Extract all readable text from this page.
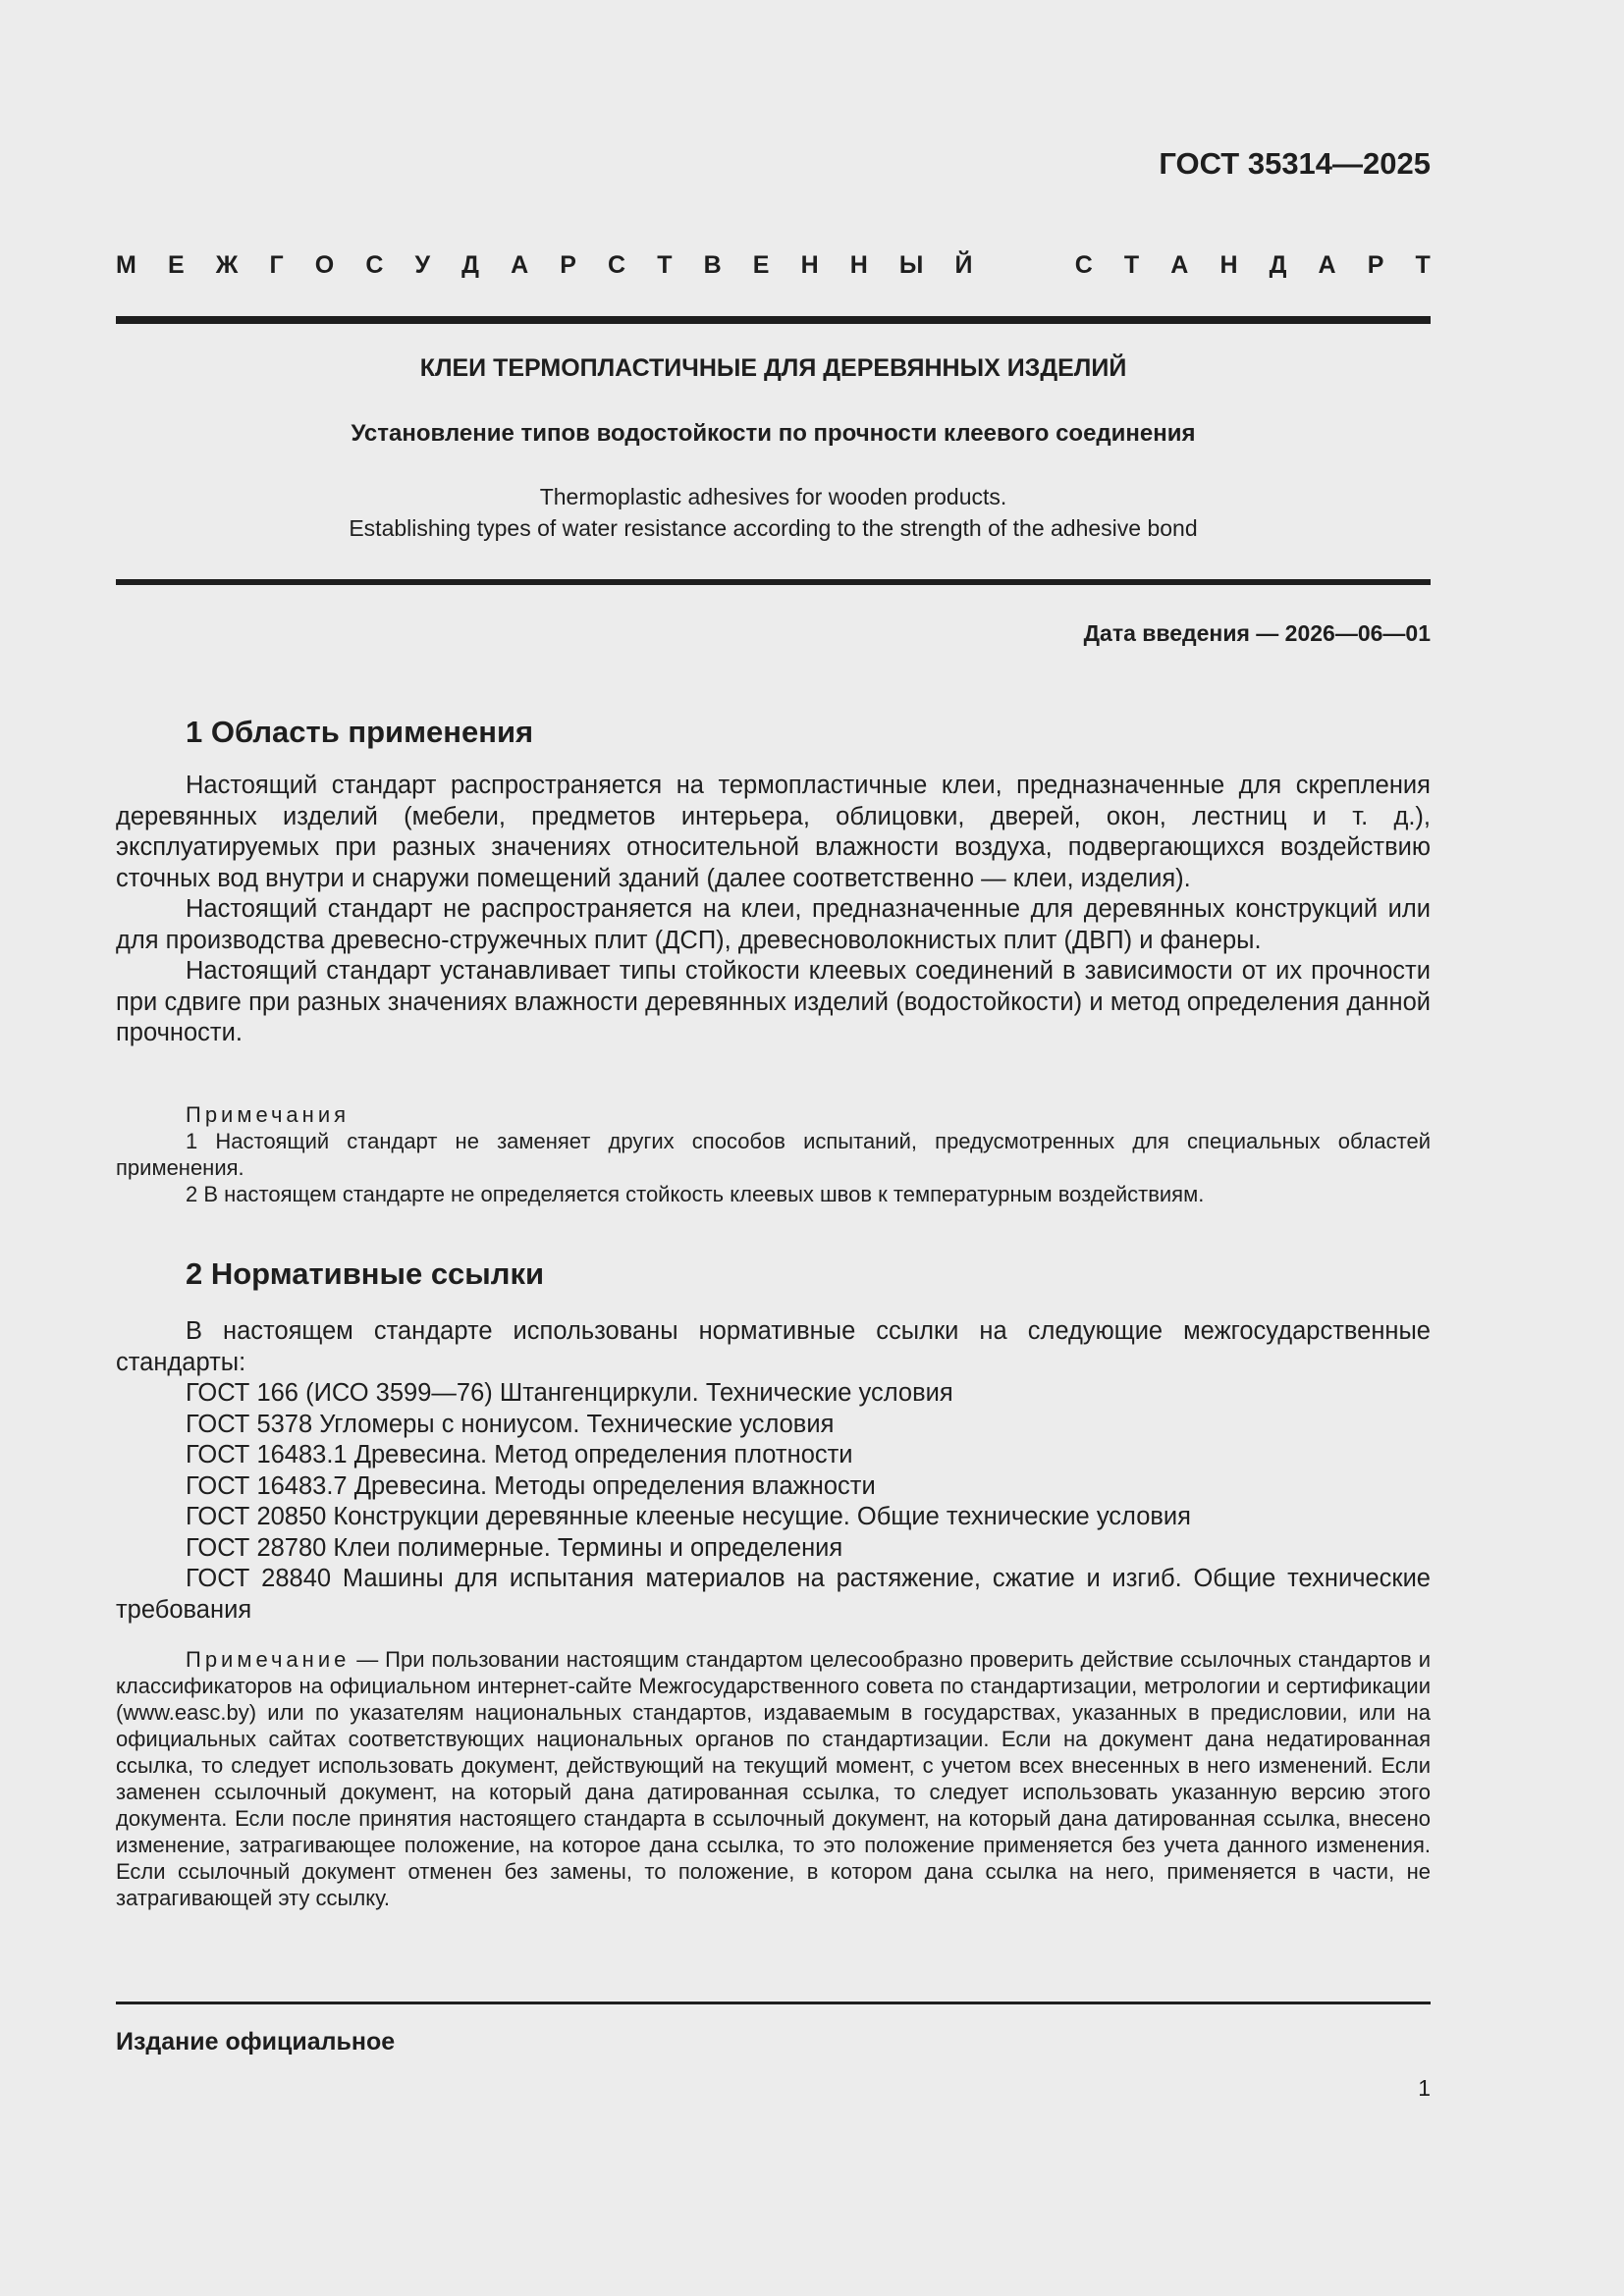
ГОСТ 35314—2025
М Е Ж Г О С У Д А Р С Т В Е Н Н Ы Й	С Т А Н Д А Р Т
КЛЕИ ТЕРМОПЛАСТИЧНЫЕ ДЛЯ ДЕРЕВЯННЫХ ИЗДЕЛИЙ
Установление типов водостойкости по прочности клеевого соединения
Thermoplastic adhesives for wooden products.
Establishing types of water resistance according to the strength of the adhesive bond
Дата введения — 2026—06—01
1 Область применения

Настоящий стандарт распространяется на термопластичные клеи, предназначенные для скрепления деревянных изделий (мебели, предметов интерьера, облицовки, дверей, окон, лестниц и т. д.), эксплуатируемых при разных значениях относительной влажности воздуха, подвергающихся воздействию сточных вод внутри и снаружи помещений зданий (далее соответственно — клеи, изделия).

Настоящий стандарт не распространяется на клеи, предназначенные для деревянных конструкций или для производства древесно-стружечных плит (ДСП), древесноволокнистых плит (ДВП) и фанеры.

Настоящий стандарт устанавливает типы стойкости клеевых соединений в зависимости от их прочности при сдвиге при разных значениях влажности деревянных изделий (водостойкости) и метод определения данной прочности.

Примечания

1 Настоящий стандарт не заменяет других способов испытаний, предусмотренных для специальных областей применения.

2 В настоящем стандарте не определяется стойкость клеевых швов к температурным воздействиям.

2 Нормативные ссылки

В настоящем стандарте использованы нормативные ссылки на следующие межгосударственные стандарты:

ГОСТ 166 (ИСО 3599—76) Штангенциркули. Технические условия

ГОСТ 5378 Угломеры с нониусом. Технические условия

ГОСТ 16483.1 Древесина. Метод определения плотности

ГОСТ 16483.7 Древесина. Методы определения влажности

ГОСТ 20850 Конструкции деревянные клееные несущие. Общие технические условия

ГОСТ 28780 Клеи полимерные. Термины и определения

ГОСТ 28840 Машины для испытания материалов на растяжение, сжатие и изгиб. Общие технические требования

Примечание — При пользовании настоящим стандартом целесообразно проверить действие ссылочных стандартов и классификаторов на официальном интернет-сайте Межгосударственного совета по стандартизации, метрологии и сертификации (www.easc.by) или по указателям национальных стандартов, издаваемым в государствах, указанных в предисловии, или на официальных сайтах соответствующих национальных органов по стандартизации. Если на документ дана недатированная ссылка, то следует использовать документ, действующий на текущий момент, с учетом всех внесенных в него изменений. Если заменен ссылочный документ, на который дана датированная ссылка, то следует использовать указанную версию этого документа. Если после принятия настоящего стандарта в ссылочный документ, на который дана датированная ссылка, внесено изменение, затрагивающее положение, на которое дана ссылка, то это положение применяется без учета данного изменения. Если ссылочный документ отменен без замены, то положение, в котором дана ссылка на него, применяется в части, не затрагивающей эту ссылку.

Издание официальное
1
